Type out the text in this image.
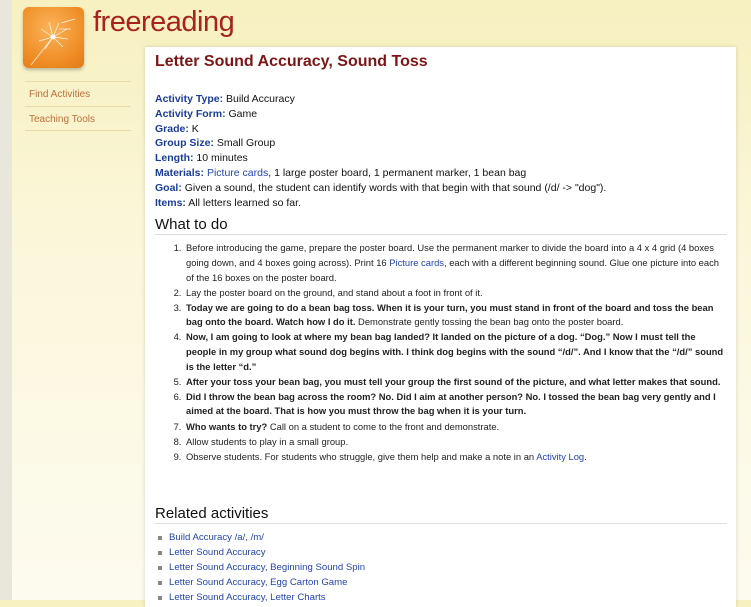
freereading
Find Activities
Teaching Tools
Letter Sound Accuracy, Sound Toss
Activity Type: Build Accuracy
Activity Form: Game
Grade: K
Group Size: Small Group
Length: 10 minutes
Materials: Picture cards, 1 large poster board, 1 permanent marker, 1 bean bag
Goal: Given a sound, the student can identify words with that begin with that sound (/d/ -> "dog").
Items: All letters learned so far.
What to do
1. Before introducing the game, prepare the poster board. Use the permanent marker to divide the board into a 4 x 4 grid (4 boxes going down, and 4 boxes going across). Print 16 Picture cards, each with a different beginning sound. Glue one picture into each of the 16 boxes on the poster board.
2. Lay the poster board on the ground, and stand about a foot in front of it.
3. Today we are going to do a bean bag toss. When it is your turn, you must stand in front of the board and toss the bean bag onto the board. Watch how I do it. Demonstrate gently tossing the bean bag onto the poster board.
4. Now, I am going to look at where my bean bag landed? It landed on the picture of a dog. “Dog.” Now I must tell the people in my group what sound dog begins with. I think dog begins with the sound “/d/”. And I know that the “/d/” sound is the letter “d.”
5. After your toss your bean bag, you must tell your group the first sound of the picture, and what letter makes that sound.
6. Did I throw the bean bag across the room? No. Did I aim at another person? No. I tossed the bean bag very gently and I aimed at the board. That is how you must throw the bag when it is your turn.
7. Who wants to try? Call on a student to come to the front and demonstrate.
8. Allow students to play in a small group.
9. Observe students. For students who struggle, give them help and make a note in an Activity Log.
Related activities
Build Accuracy /a/, /m/
Letter Sound Accuracy
Letter Sound Accuracy, Beginning Sound Spin
Letter Sound Accuracy, Egg Carton Game
Letter Sound Accuracy, Letter Charts
